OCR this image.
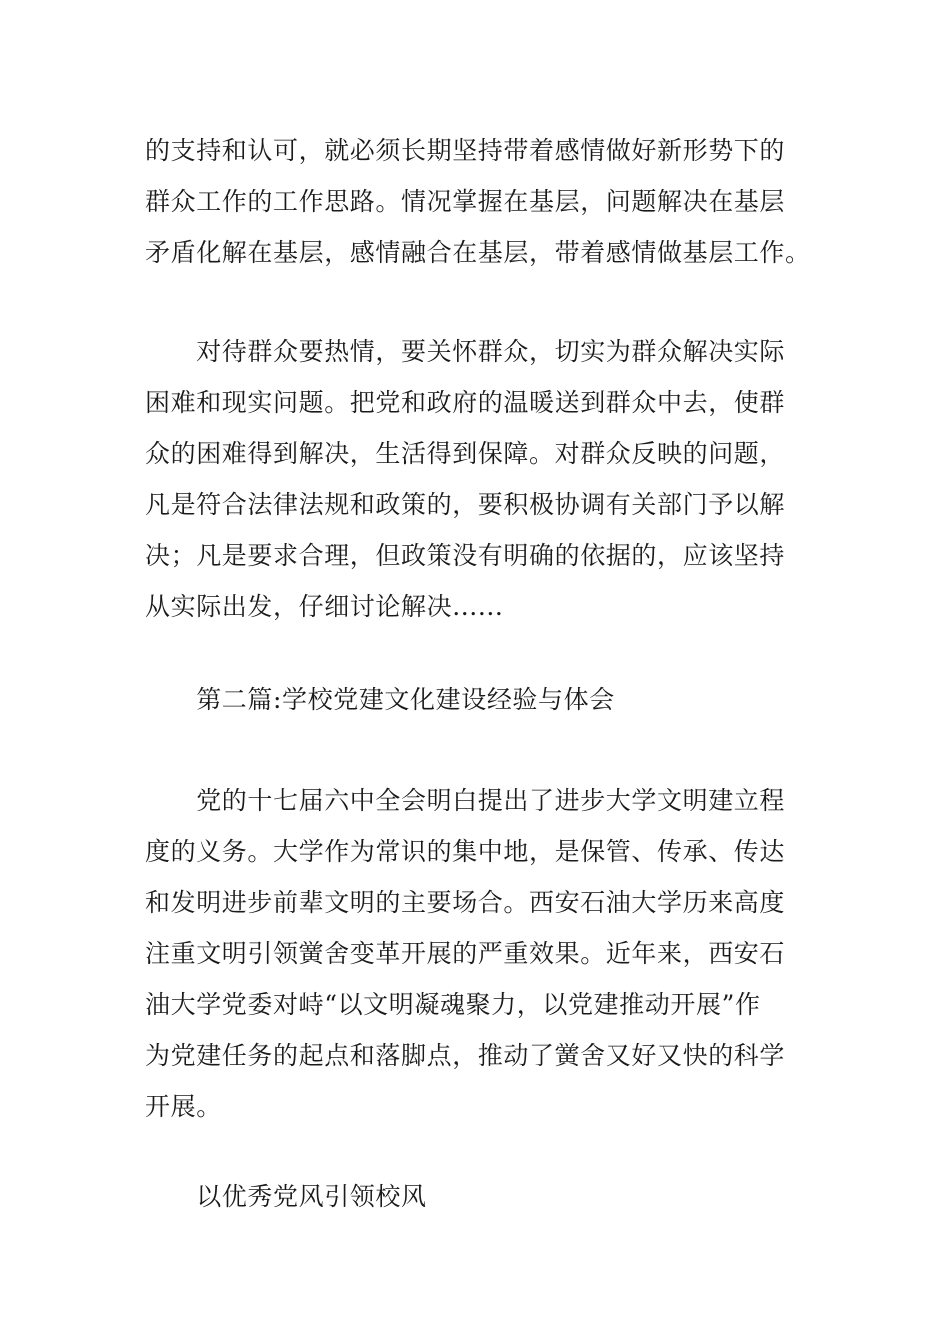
的支持和认可，就必须长期坚持带着感情做好新形势下的
群众工作的工作思路。情况掌握在基层，问题解决在基层
矛盾化解在基层，感情融合在基层，带着感情做基层工作。

　　对待群众要热情，要关怀群众，切实为群众解决实际
困难和现实问题。把党和政府的温暖送到群众中去，使群
众的困难得到解决，生活得到保障。对群众反映的问题，
凡是符合法律法规和政策的，要积极协调有关部门予以解
决；凡是要求合理，但政策没有明确的依据的，应该坚持
从实际出发，仔细讨论解决......

　　第二篇:学校党建文化建设经验与体会

　　党的十七届六中全会明白提出了进步大学文明建立程
度的义务。大学作为常识的集中地，是保管、传承、传达
和发明进步前辈文明的主要场合。西安石油大学历来高度
注重文明引领黉舍变革开展的严重效果。近年来，西安石
油大学党委对峙“以文明凝魂聚力，以党建推动开展”作
为党建任务的起点和落脚点，推动了黉舍又好又快的科学
开展。

　　以优秀党风引领校风
